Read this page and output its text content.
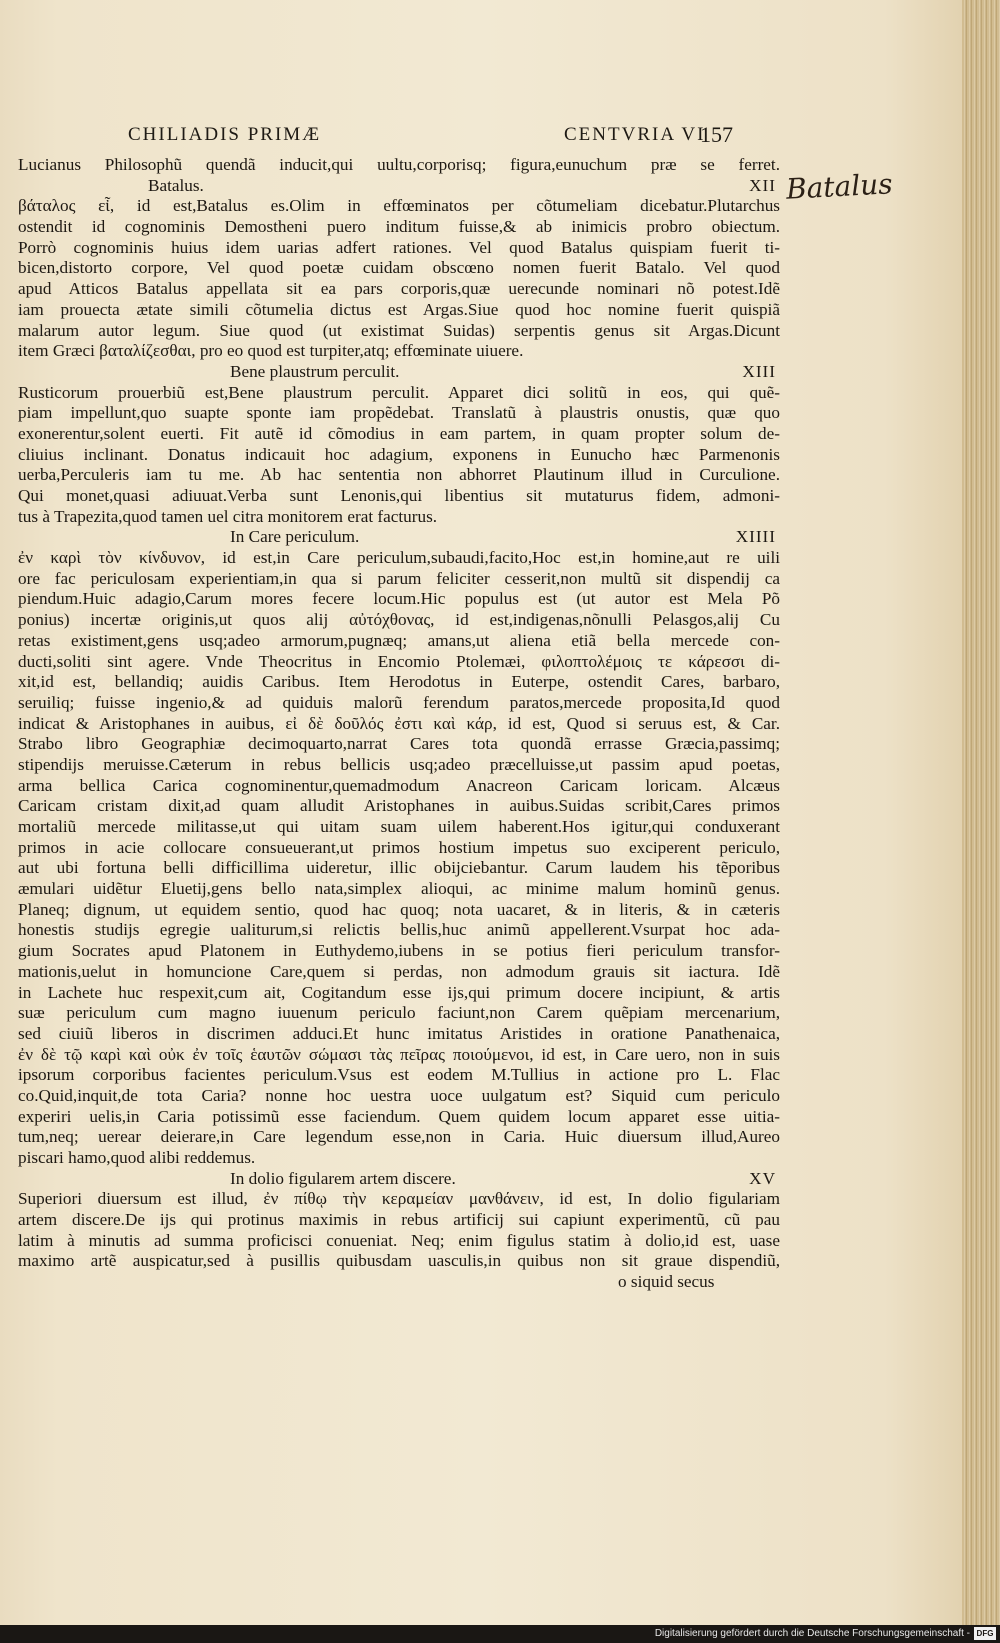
CHILIADIS PRIMÆ	CENTVRIA VI
157
Batalus
Lucianus Philosophũ quendã inducit,qui uultu,corporisq; figura,eunuchum præ se ferret.
Batalus.	XII
βάταλος εἶ, id est,Batalus es.Olim in effœminatos per cõtumeliam dicebatur.Plutarchus
ostendit id cognominis Demostheni puero inditum fuisse,& ab inimicis probro obiectum.
Porrò cognominis huius idem uarias adfert rationes. Vel quod Batalus quispiam fuerit ti-
bicen,distorto corpore, Vel quod poetæ cuidam obscœno nomen fuerit Batalo. Vel quod
apud Atticos Batalus appellata sit ea pars corporis,quæ uerecunde nominari nõ potest.Idẽ
iam prouecta ætate simili cõtumelia dictus est Argas.Siue quod hoc nomine fuerit quispiã
malarum autor legum. Siue quod (ut existimat Suidas) serpentis genus sit Argas.Dicunt
item Græci βαταλίζεσθαι, pro eo quod est turpiter,atq; effœminate uiuere.
Bene plaustrum perculit.	XIII
Rusticorum prouerbiũ est,Bene plaustrum perculit. Apparet dici solitũ in eos, qui quẽ-
piam impellunt,quo suapte sponte iam propẽdebat. Translatũ à plaustris onustis, quæ quo
exonerentur,solent euerti. Fit autẽ id cõmodius in eam partem, in quam propter solum de-
cliuius inclinant. Donatus indicauit hoc adagium, exponens in Eunucho hæc Parmenonis
uerba,Perculeris iam tu me. Ab hac sententia non abhorret Plautinum illud in Curculione.
Qui monet,quasi adiuuat.Verba sunt Lenonis,qui libentius sit mutaturus fidem, admoni-
tus à Trapezita,quod tamen uel citra monitorem erat facturus.
In Care periculum.	XIIII
ἐν καρὶ τὸν κίνδυνον, id est,in Care periculum,subaudi,facito,Hoc est,in homine,aut re uili
ore fac periculosam experientiam,in qua si parum feliciter cesserit,non multũ sit dispendij ca
piendum.Huic adagio,Carum mores fecere locum.Hic populus est (ut autor est Mela Põ
ponius) incertæ originis,ut quos alij αὐτόχθονας, id est,indigenas,nõnulli Pelasgos,alij Cu
retas existiment,gens usq;adeo armorum,pugnæq; amans,ut aliena etiã bella mercede con-
ducti,soliti sint agere. Vnde Theocritus in Encomio Ptolemæi, φιλοπτολέμοις τε κάρεσσι di-
xit,id est, bellandiq; auidis Caribus. Item Herodotus in Euterpe, ostendit Cares, barbaro,
seruiliq; fuisse ingenio,& ad quiduis malorũ ferendum paratos,mercede proposita,Id quod
indicat & Aristophanes in auibus, εἰ δὲ δοῦλός ἐστι καὶ κάρ, id est, Quod si seruus est, & Car.
Strabo libro Geographiæ decimoquarto,narrat Cares tota quondã errasse Græcia,passimq;
stipendijs meruisse.Cæterum in rebus bellicis usq;adeo præcelluisse,ut passim apud poetas,
arma bellica Carica cognominentur,quemadmodum Anacreon Caricam loricam. Alcæus
Caricam cristam dixit,ad quam alludit Aristophanes in auibus.Suidas scribit,Cares primos
mortaliũ mercede militasse,ut qui uitam suam uilem haberent.Hos igitur,qui conduxerant
primos in acie collocare consueuerant,ut primos hostium impetus suo exciperent periculo,
aut ubi fortuna belli difficillima uideretur, illic obijciebantur. Carum laudem his tẽporibus
æmulari uidẽtur Eluetij,gens bello nata,simplex alioqui, ac minime malum hominũ genus.
Planeq; dignum, ut equidem sentio, quod hac quoq; nota uacaret, & in literis, & in cæteris
honestis studijs egregie ualiturum,si relictis bellis,huc animũ appellerent.Vsurpat hoc ada-
gium Socrates apud Platonem in Euthydemo,iubens in se potius fieri periculum transfor-
mationis,uelut in homuncione Care,quem si perdas, non admodum grauis sit iactura. Idẽ
in Lachete huc respexit,cum ait, Cogitandum esse ijs,qui primum docere incipiunt, & artis
suæ periculum cum magno iuuenum periculo faciunt,non Carem quẽpiam mercenarium,
sed ciuiũ liberos in discrimen adduci.Et hunc imitatus Aristides in oratione Panathenaica,
ἐν δὲ τῷ καρὶ καὶ οὐκ ἐν τοῖς ἑαυτῶν σώμασι τὰς πεῖρας ποιούμενοι, id est, in Care uero, non in suis
ipsorum corporibus facientes periculum.Vsus est eodem M.Tullius in actione pro L. Flac
co.Quid,inquit,de tota Caria? nonne hoc uestra uoce uulgatum est? Siquid cum periculo
experiri uelis,in Caria potissimũ esse faciendum. Quem quidem locum apparet esse uitia-
tum,neq; uerear deierare,in Care legendum esse,non in Caria. Huic diuersum illud,Aureo
piscari hamo,quod alibi reddemus.
In dolio figularem artem discere.	XV
Superiori diuersum est illud, ἐν πίθῳ τὴν κεραμείαν μανθάνειν, id est, In dolio figulariam
artem discere.De ijs qui protinus maximis in rebus artificij sui capiunt experimentũ, cũ pau
latim à minutis ad summa proficisci conueniat. Neq; enim figulus statim à dolio,id est, uase
maximo artẽ auspicatur,sed à pusillis quibusdam uasculis,in quibus non sit graue dispendiũ,
o siquid secus
Digitalisierung gefördert durch die Deutsche Forschungsgemeinschaft - DFG
